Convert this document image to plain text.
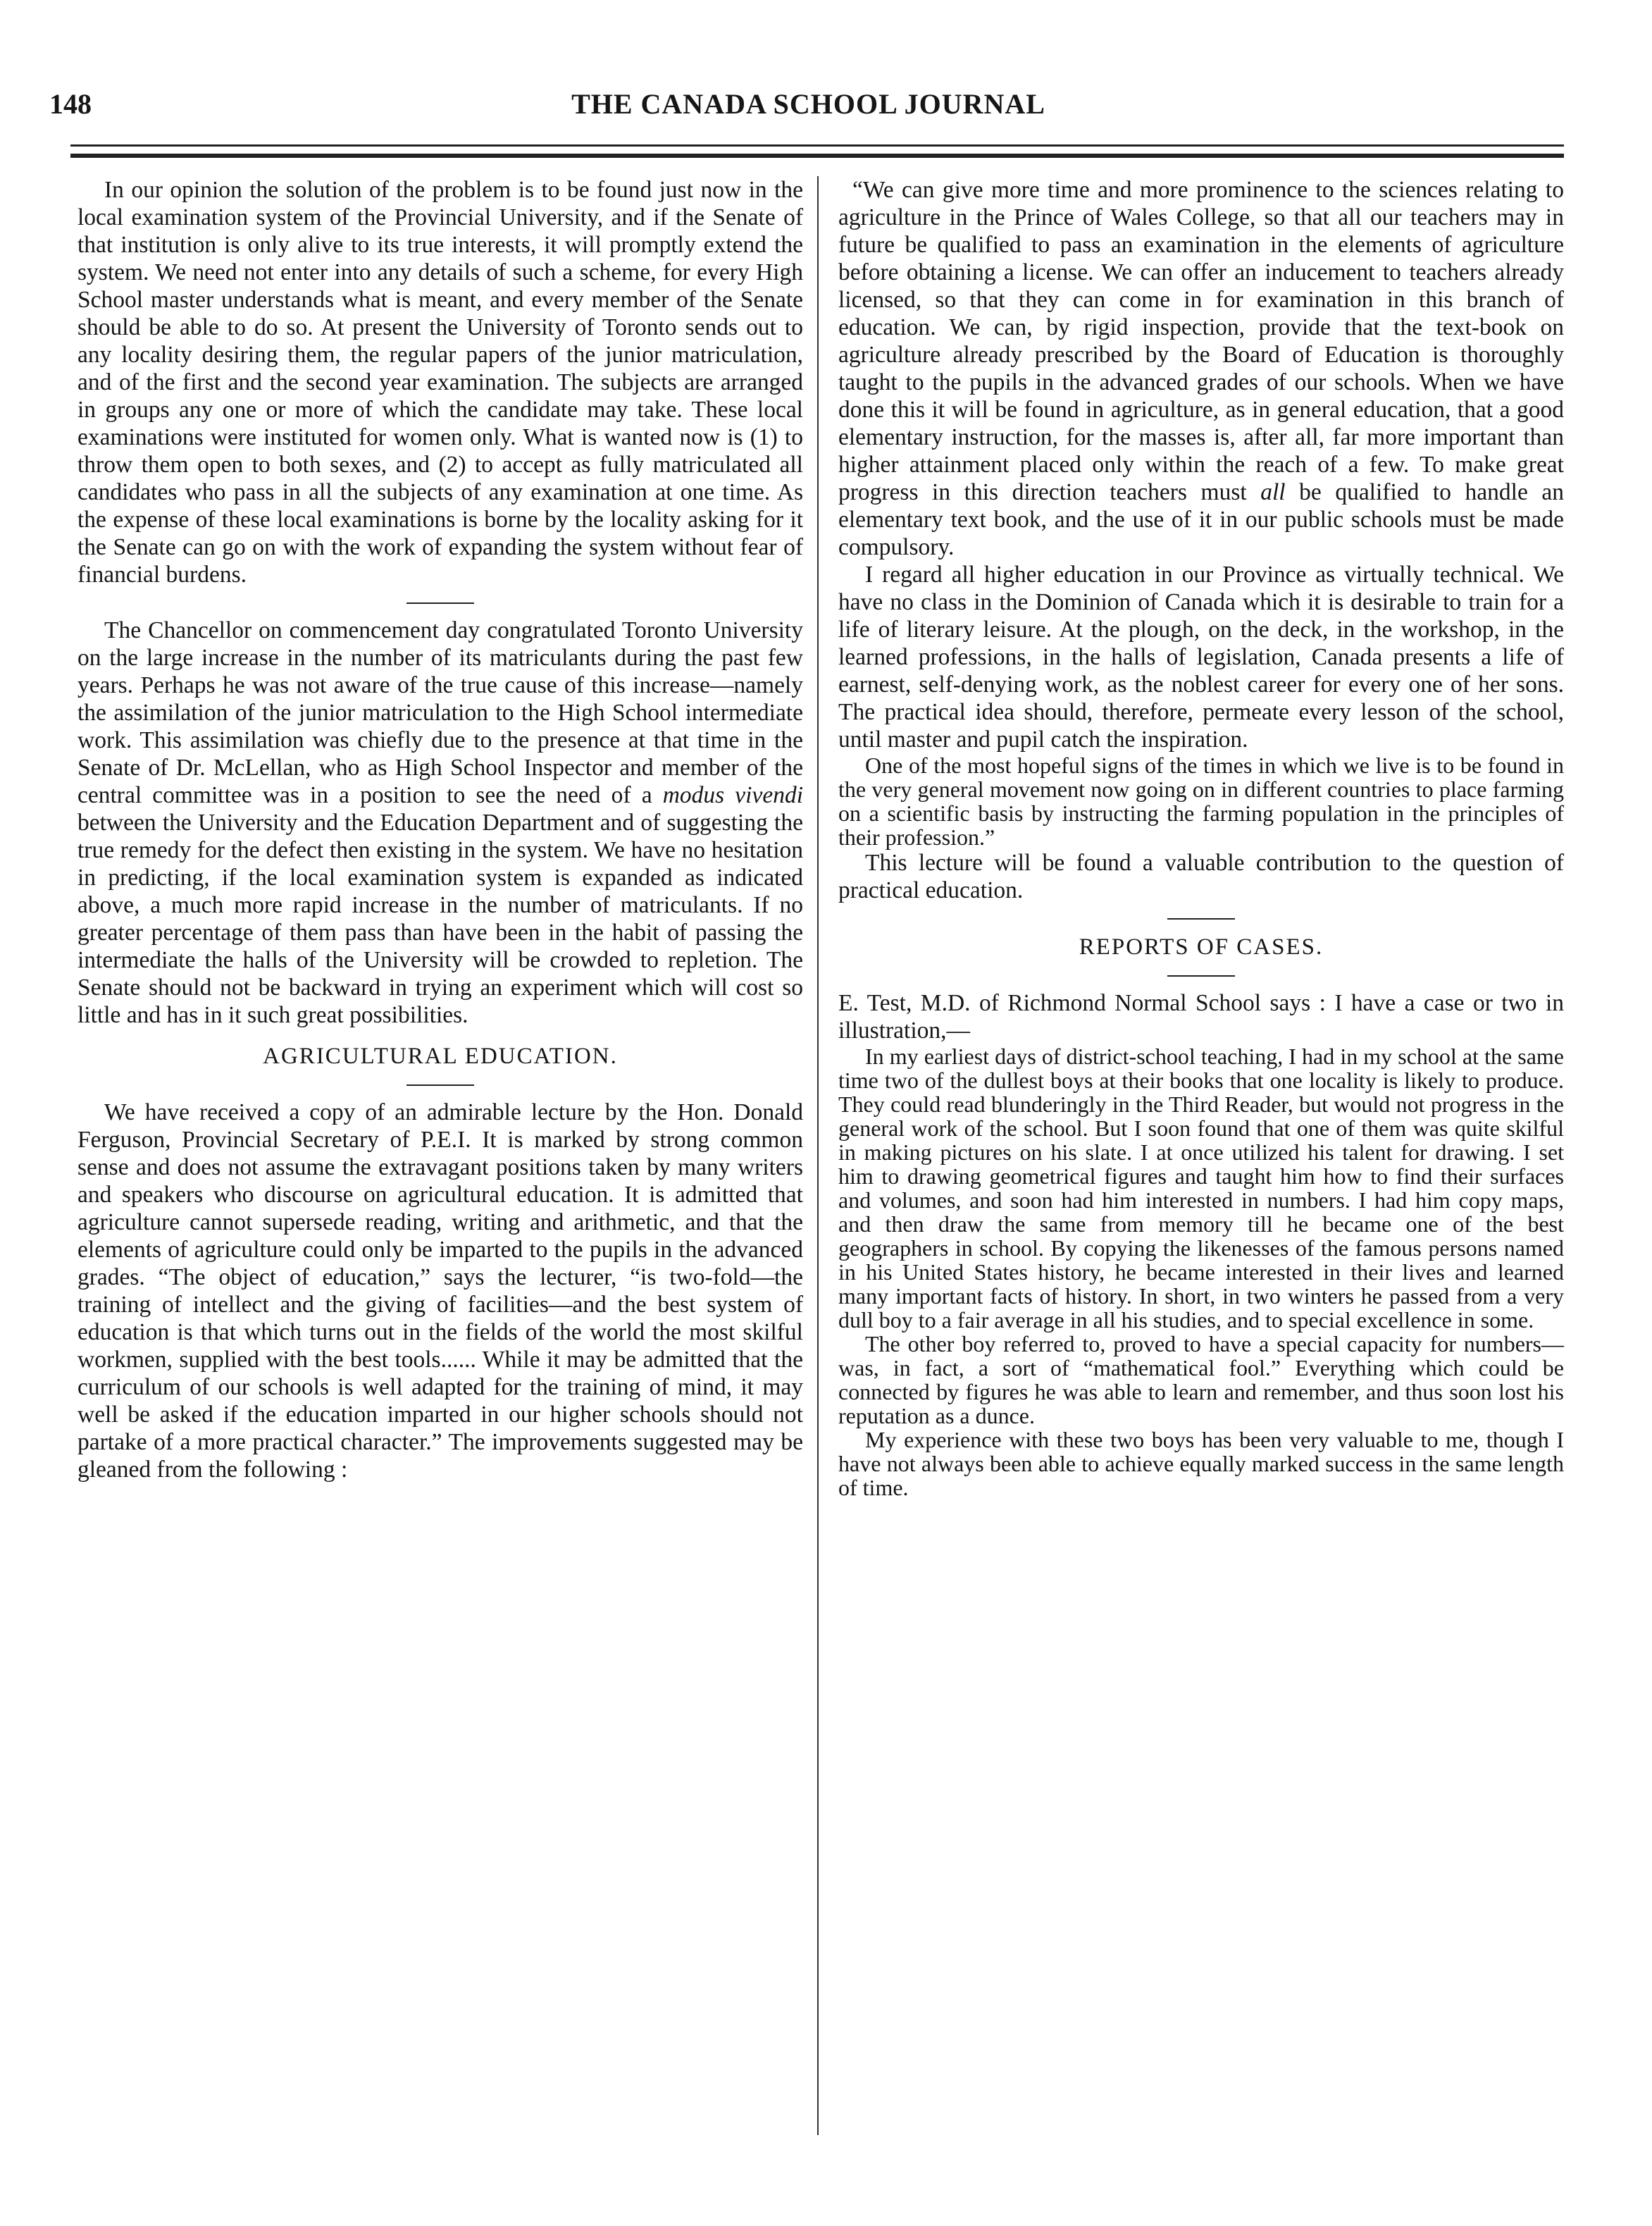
148	THE CANADA SCHOOL JOURNAL

In our opinion the solution of the problem is to be found just now in the local examination system of the Provincial University, and if the Senate of that institution is only alive to its true interests, it will promptly extend the system. We need not enter into any details of such a scheme, for every High School master understands what is meant, and every member of the Senate should be able to do so. At present the University of Toronto sends out to any locality desiring them, the regular papers of the junior matriculation, and of the first and the second year examination. The subjects are arranged in groups any one or more of which the candidate may take. These local examinations were instituted for women only. What is wanted now is (1) to throw them open to both sexes, and (2) to accept as fully matriculated all candidates who pass in all the subjects of any examination at one time. As the expense of these local examinations is borne by the locality asking for it the Senate can go on with the work of expanding the system without fear of financial burdens.

The Chancellor on commencement day congratulated Toronto University on the large increase in the number of its matriculants during the past few years. Perhaps he was not aware of the true cause of this increase—namely the assimilation of the junior matriculation to the High School intermediate work. This assimilation was chiefly due to the presence at that time in the Senate of Dr. McLellan, who as High School Inspector and member of the central committee was in a position to see the need of a modus vivendi between the University and the Education Department and of suggesting the true remedy for the defect then existing in the system. We have no hesitation in predicting, if the local examination system is expanded as indicated above, a much more rapid increase in the number of matriculants. If no greater percentage of them pass than have been in the habit of passing the intermediate the halls of the University will be crowded to repletion. The Senate should not be backward in trying an experiment which will cost so little and has in it such great possibilities.

AGRICULTURAL EDUCATION.

We have received a copy of an admirable lecture by the Hon. Donald Ferguson, Provincial Secretary of P.E.I. It is marked by strong common sense and does not assume the extravagant positions taken by many writers and speakers who discourse on agricultural education. It is admitted that agriculture cannot supersede reading, writing and arithmetic, and that the elements of agriculture could only be imparted to the pupils in the advanced grades. “The object of education,” says the lecturer, “is two-fold—the training of intellect and the giving of facilities—and the best system of education is that which turns out in the fields of the world the most skilful workmen, supplied with the best tools...... While it may be admitted that the curriculum of our schools is well adapted for the training of mind, it may well be asked if the education imparted in our higher schools should not partake of a more practical character.” The improvements suggested may be gleaned from the following :

“We can give more time and more prominence to the sciences relating to agriculture in the Prince of Wales College, so that all our teachers may in future be qualified to pass an examination in the elements of agriculture before obtaining a license. We can offer an inducement to teachers already licensed, so that they can come in for examination in this branch of education. We can, by rigid inspection, provide that the text-book on agriculture already prescribed by the Board of Education is thoroughly taught to the pupils in the advanced grades of our schools. When we have done this it will be found in agriculture, as in general education, that a good elementary instruction, for the masses is, after all, far more important than higher attainment placed only within the reach of a few. To make great progress in this direction teachers must all be qualified to handle an elementary text book, and the use of it in our public schools must be made compulsory.

I regard all higher education in our Province as virtually technical. We have no class in the Dominion of Canada which it is desirable to train for a life of literary leisure. At the plough, on the deck, in the workshop, in the learned professions, in the halls of legislation, Canada presents a life of earnest, self-denying work, as the noblest career for every one of her sons. The practical idea should, therefore, permeate every lesson of the school, until master and pupil catch the inspiration.

One of the most hopeful signs of the times in which we live is to be found in the very general movement now going on in different countries to place farming on a scientific basis by instructing the farming population in the principles of their profession.”

This lecture will be found a valuable contribution to the question of practical education.

REPORTS OF CASES.

E. Test, M.D. of Richmond Normal School says : I have a case or two in illustration,—

In my earliest days of district-school teaching, I had in my school at the same time two of the dullest boys at their books that one locality is likely to produce. They could read blunderingly in the Third Reader, but would not progress in the general work of the school. But I soon found that one of them was quite skilful in making pictures on his slate. I at once utilized his talent for drawing. I set him to drawing geometrical figures and taught him how to find their surfaces and volumes, and soon had him interested in numbers. I had him copy maps, and then draw the same from memory till he became one of the best geographers in school. By copying the likenesses of the famous persons named in his United States history, he became interested in their lives and learned many important facts of history. In short, in two winters he passed from a very dull boy to a fair average in all his studies, and to special excellence in some.

The other boy referred to, proved to have a special capacity for numbers—was, in fact, a sort of “mathematical fool.” Everything which could be connected by figures he was able to learn and remember, and thus soon lost his reputation as a dunce.

My experience with these two boys has been very valuable to me, though I have not always been able to achieve equally marked success in the same length of time.
